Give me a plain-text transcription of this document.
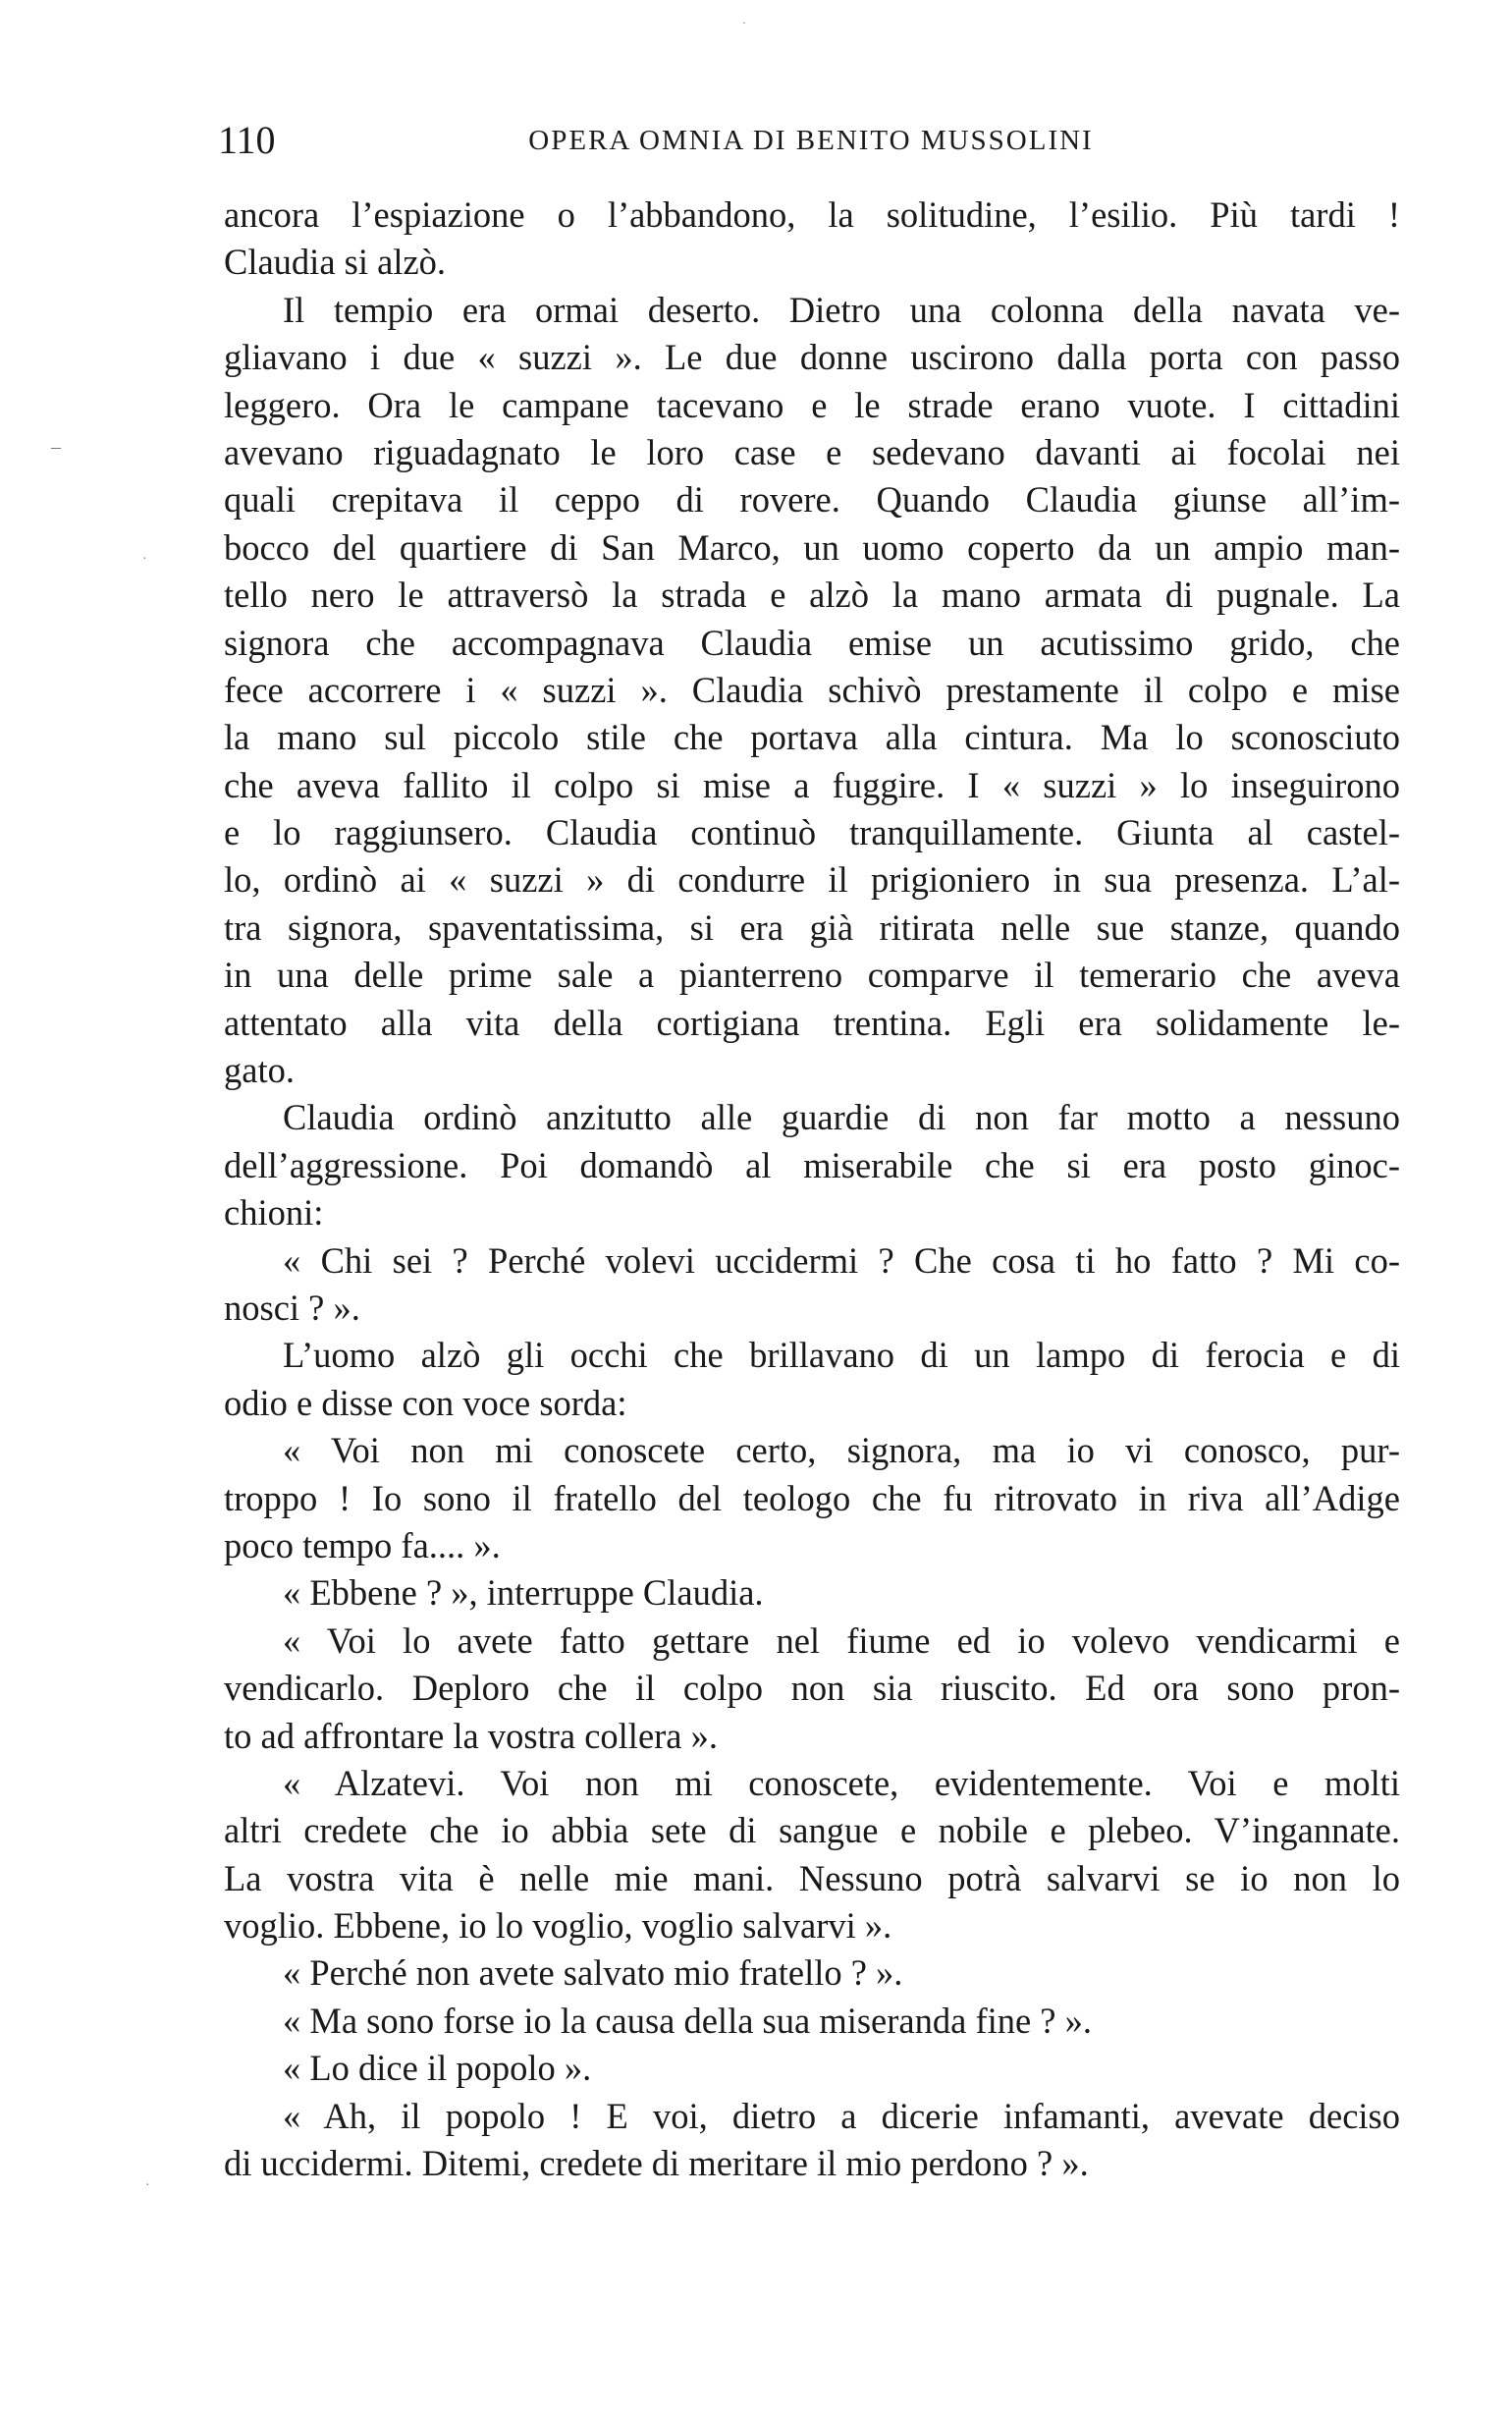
110	OPERA OMNIA DI BENITO MUSSOLINI
ancora l’espiazione o l’abbandono, la solitudine, l’esilio. Più tardi !
Claudia si alzò.
Il tempio era ormai deserto. Dietro una colonna della navata ve-
gliavano i due « suzzi ». Le due donne uscirono dalla porta con passo
leggero. Ora le campane tacevano e le strade erano vuote. I cittadini
avevano riguadagnato le loro case e sedevano davanti ai focolai nei
quali crepitava il ceppo di rovere. Quando Claudia giunse all’im-
bocco del quartiere di San Marco, un uomo coperto da un ampio man-
tello nero le attraversò la strada e alzò la mano armata di pugnale. La
signora che accompagnava Claudia emise un acutissimo grido, che
fece accorrere i « suzzi ». Claudia schivò prestamente il colpo e mise
la mano sul piccolo stile che portava alla cintura. Ma lo sconosciuto
che aveva fallito il colpo si mise a fuggire. I « suzzi » lo inseguirono
e lo raggiunsero. Claudia continuò tranquillamente. Giunta al castel-
lo, ordinò ai « suzzi » di condurre il prigioniero in sua presenza. L’al-
tra signora, spaventatissima, si era già ritirata nelle sue stanze, quando
in una delle prime sale a pianterreno comparve il temerario che aveva
attentato alla vita della cortigiana trentina. Egli era solidamente le-
gato.
Claudia ordinò anzitutto alle guardie di non far motto a nessuno
dell’aggressione. Poi domandò al miserabile che si era posto ginoc-
chioni:
« Chi sei ? Perché volevi uccidermi ? Che cosa ti ho fatto ? Mi co-
nosci ? ».
L’uomo alzò gli occhi che brillavano di un lampo di ferocia e di
odio e disse con voce sorda:
« Voi non mi conoscete certo, signora, ma io vi conosco, pur-
troppo ! Io sono il fratello del teologo che fu ritrovato in riva all’Adige
poco tempo fa.... ».
« Ebbene ? », interruppe Claudia.
« Voi lo avete fatto gettare nel fiume ed io volevo vendicarmi e
vendicarlo. Deploro che il colpo non sia riuscito. Ed ora sono pron-
to ad affrontare la vostra collera ».
« Alzatevi. Voi non mi conoscete, evidentemente. Voi e molti
altri credete che io abbia sete di sangue e nobile e plebeo. V’ingannate.
La vostra vita è nelle mie mani. Nessuno potrà salvarvi se io non lo
voglio. Ebbene, io lo voglio, voglio salvarvi ».
« Perché non avete salvato mio fratello ? ».
« Ma sono forse io la causa della sua miseranda fine ? ».
« Lo dice il popolo ».
« Ah, il popolo ! E voi, dietro a dicerie infamanti, avevate deciso
di uccidermi. Ditemi, credete di meritare il mio perdono ? ».
–
·
·
·
